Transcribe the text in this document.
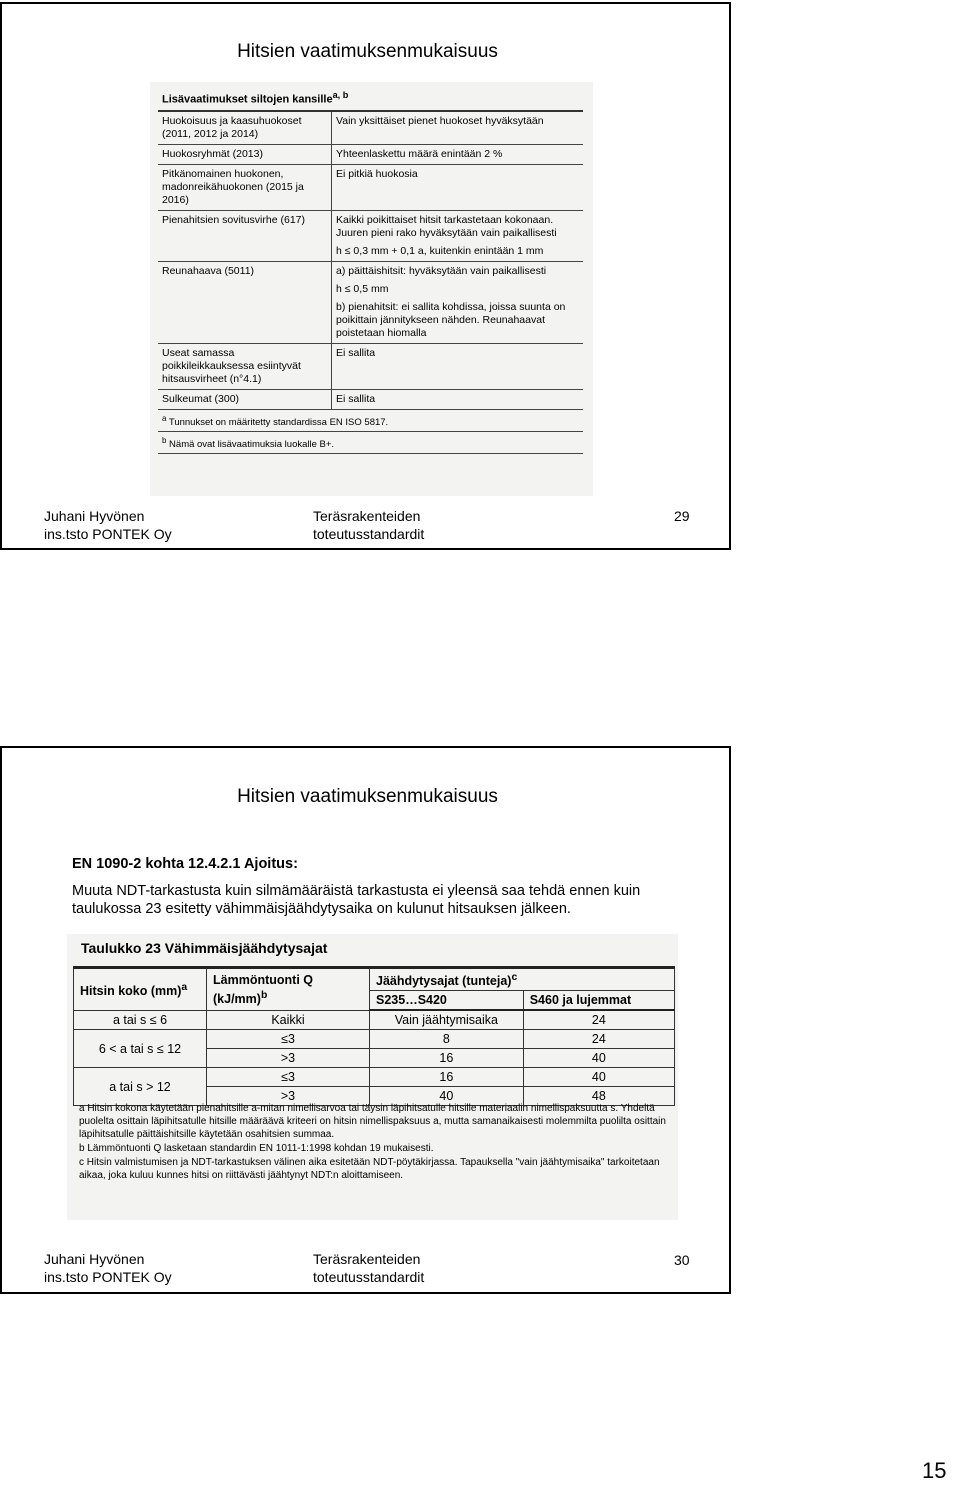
Hitsien vaatimuksenmukaisuus
Lisävaatimukset siltojen kansille$^{a, b}$
Huokoisuus ja kaasuhuokoset (2011, 2012 ja 2014)	Vain yksittäiset pienet huokoset hyväksytään
Huokosryhmät (2013)	Yhteenlaskettu määrä enintään 2 %
Pitkänomainen huokonen, madonreikähuokonen (2015 ja 2016)	Ei pitkiä huokosia
Pienahitsien sovitusvirhe (617)	Kaikki poikittaiset hitsit tarkastetaan kokonaan. Juuren pieni rako hyväksytään vain paikallisesti
h ≤ 0,3 mm + 0,1 a, kuitenkin enintään 1 mm

Reunahaava (5011)	a) päittäishitsit: hyväksytään vain paikallisesti
h ≤ 0,5 mm
b) pienahitsit: ei sallita kohdissa, joissa suunta on poikittain jännitykseen nähden. Reunahaavat poistetaan hiomalla

Useat samassa poikkileikkauksessa esiintyvät hitsausvirheet (n°4.1)	Ei sallita
Sulkeumat (300)	Ei sallita
$^a$ Tunnukset on määritetty standardissa EN ISO 5817.	
$^b$ Nämä ovat lisävaatimuksia luokalle B+.	
Juhani Hyvönen
ins.tsto PONTEK Oy
Teräsrakenteiden
toteutusstandardit
29
Hitsien vaatimuksenmukaisuus
EN 1090-2 kohta 12.4.2.1 Ajoitus:
Muuta NDT-tarkastusta kuin silmämääräistä tarkastusta ei yleensä saa tehdä ennen kuin taulukossa 23 esitetty vähimmäisjäähdytysaika on kulunut hitsauksen jälkeen.
Taulukko 23 Vähimmäisjäähdytysajat
Hitsin koko (mm)$^a$	Lämmöntuonti Q $(kJ/mm)^b$	Jäähdytysajat (tunteja)$^c$
		S235…S420	S460 ja lujemmat
a tai s ≤ 6	Kaikki	Vain jäähtymisaika	24
6 < a tai s ≤ 12	≤3	8	24
	>3	16	40
a tai s > 12	≤3	16	40
	>3	40	48

a Hitsin kokona käytetään pienahitsille a-mitan nimellisarvoa tai täysin läpihitsatulle hitsille materiaalin nimellispaksuutta s. Yhdeltä puolelta osittain läpihitsatulle hitsille määräävä kriteeri on hitsin nimellispaksuus a, mutta samanaikaisesti molemmilta puolilta osittain läpihitsatulle päittäishitsille käytetään osahitsien summaa.

b Lämmöntuonti Q lasketaan standardin EN 1011-1:1998 kohdan 19 mukaisesti.

c Hitsin valmistumisen ja NDT-tarkastuksen välinen aika esitetään NDT-pöytäkirjassa. Tapauksella "vain jäähtymisaika" tarkoitetaan aikaa, joka kuluu kunnes hitsi on riittävästi jäähtynyt NDT:n aloittamiseen.

Juhani Hyvönen
ins.tsto PONTEK Oy
Teräsrakenteiden
toteutusstandardit
30
15
